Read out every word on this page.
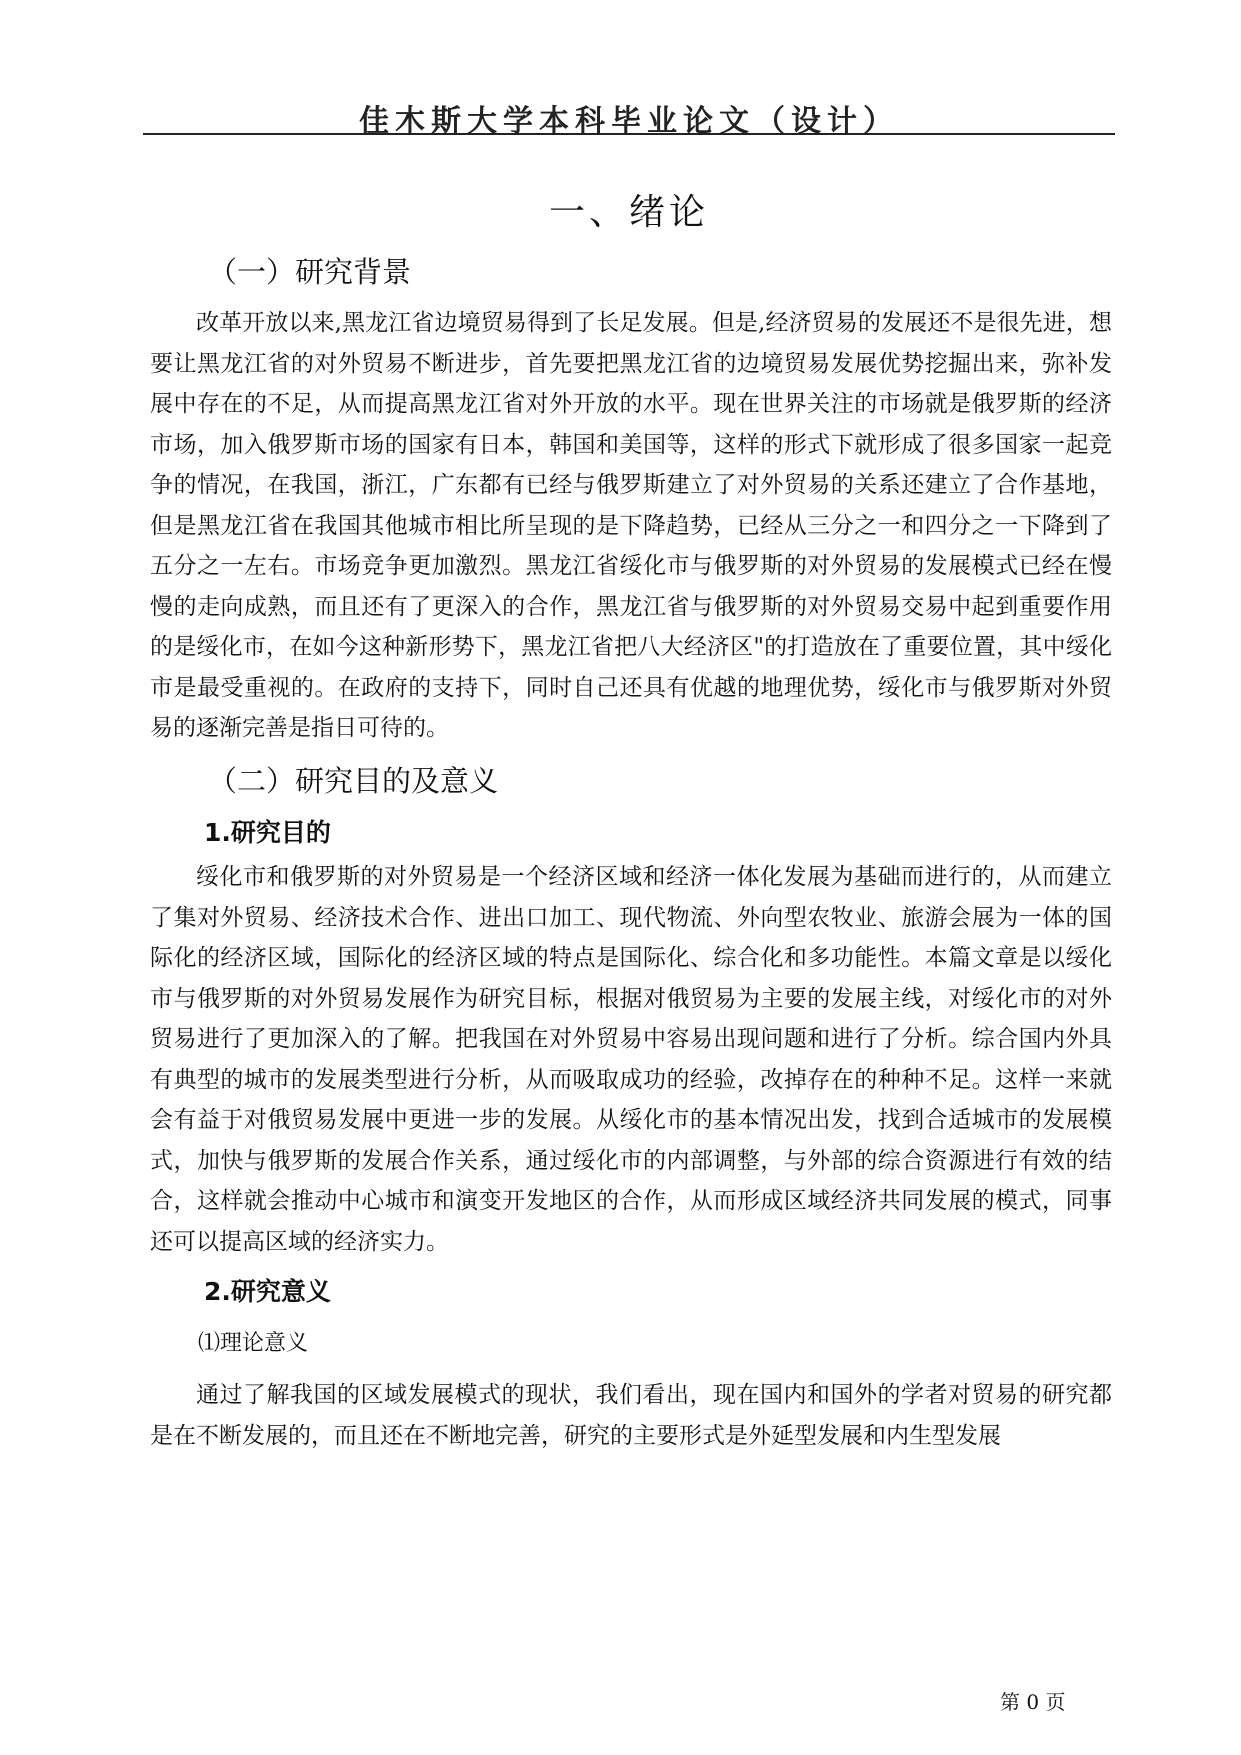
佳木斯大学本科毕业论文（设计）
一、绪论
（一）研究背景

改革开放以来,黑龙江省边境贸易得到了长足发展。但是,经济贸易的发展还不是很先进，想要让黑龙江省的对外贸易不断进步，首先要把黑龙江省的边境贸易发展优势挖掘出来，弥补发展中存在的不足，从而提高黑龙江省对外开放的水平。现在世界关注的市场就是俄罗斯的经济市场，加入俄罗斯市场的国家有日本，韩国和美国等，这样的形式下就形成了很多国家一起竞争的情况，在我国，浙江，广东都有已经与俄罗斯建立了对外贸易的关系还建立了合作基地，但是黑龙江省在我国其他城市相比所呈现的是下降趋势，已经从三分之一和四分之一下降到了五分之一左右。市场竞争更加激烈。黑龙江省绥化市与俄罗斯的对外贸易的发展模式已经在慢慢的走向成熟，而且还有了更深入的合作，黑龙江省与俄罗斯的对外贸易交易中起到重要作用的是绥化市，在如今这种新形势下，黑龙江省把八大经济区"的打造放在了重要位置，其中绥化市是最受重视的。在政府的支持下，同时自己还具有优越的地理优势，绥化市与俄罗斯对外贸易的逐渐完善是指日可待的。

（二）研究目的及意义
1.研究目的

绥化市和俄罗斯的对外贸易是一个经济区域和经济一体化发展为基础而进行的，从而建立了集对外贸易、经济技术合作、进出口加工、现代物流、外向型农牧业、旅游会展为一体的国际化的经济区域，国际化的经济区域的特点是国际化、综合化和多功能性。本篇文章是以绥化市与俄罗斯的对外贸易发展作为研究目标，根据对俄贸易为主要的发展主线，对绥化市的对外贸易进行了更加深入的了解。把我国在对外贸易中容易出现问题和进行了分析。综合国内外具有典型的城市的发展类型进行分析，从而吸取成功的经验，改掉存在的种种不足。这样一来就会有益于对俄贸易发展中更进一步的发展。从绥化市的基本情况出发，找到合适城市的发展模式，加快与俄罗斯的发展合作关系，通过绥化市的内部调整，与外部的综合资源进行有效的结合，这样就会推动中心城市和演变开发地区的合作，从而形成区域经济共同发展的模式，同事还可以提高区域的经济实力。

2.研究意义
⑴理论意义

通过了解我国的区域发展模式的现状，我们看出，现在国内和国外的学者对贸易的研究都是在不断发展的，而且还在不断地完善，研究的主要形式是外延型发展和内生型发展

第 0 页
